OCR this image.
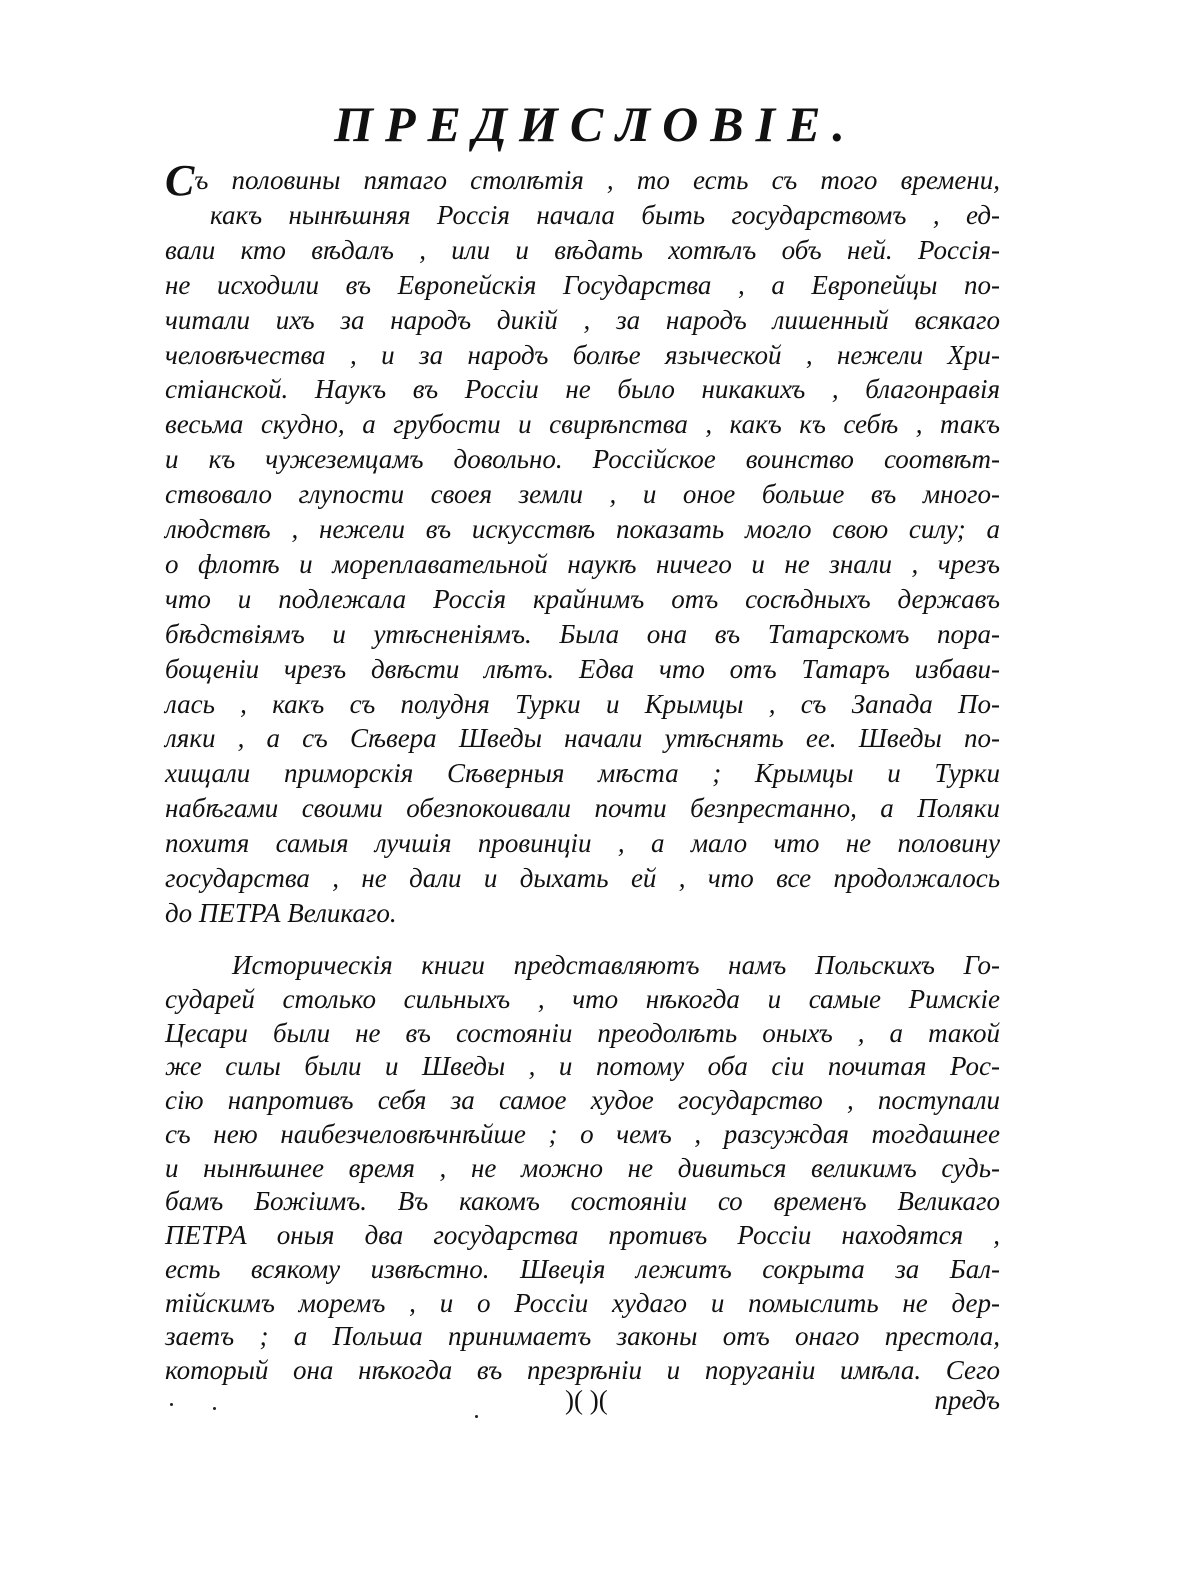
ПРЕДИСЛОВІЕ.
Съ половины пятаго столѣтія , то есть съ того времени,
какъ нынѣшняя Россія начала быть государствомъ , ед-
вали кто вѣдалъ , или и вѣдать хотѣлъ объ ней. Россія-
не исходили въ Европейскія Государства , а Европейцы по-
читали ихъ за народъ дикій , за народъ лишенный всякаго
человѣчества , и за народъ болѣе языческой , нежели Хри-
стіанской. Наукъ въ Россіи не было никакихъ , благонравія
весьма скудно, а грубости и свирѣпства , какъ къ себѣ , такъ
и къ чужеземцамъ довольно. Россійское воинство соотвѣт-
ствовало глупости своея земли , и оное больше въ много-
людствѣ , нежели въ искусствѣ показать могло свою силу; а
о флотѣ и мореплавательной наукѣ ничего и не знали , чрезъ
что и подлежала Россія крайнимъ отъ сосѣдныхъ державъ
бѣдствіямъ и утѣсненіямъ. Была она въ Татарскомъ пора-
бощеніи чрезъ двѣсти лѣтъ. Едва что отъ Татаръ избави-
лась , какъ съ полудня Турки и Крымцы , съ Запада По-
ляки , а съ Сѣвера Шведы начали утѣснять ее. Шведы по-
хищали приморскія Сѣверныя мѣста ; Крымцы и Турки
набѣгами своими обезпокоивали почти безпрестанно, а Поляки
похитя самыя лучшія провинціи , а мало что не половину
государства , не дали и дыхать ей , что все продолжалось
до ПЕТРА Великаго.
Историческія книги представляютъ намъ Польскихъ Го-
сударей столько сильныхъ , что нѣкогда и самые Римскіе
Цесари были не въ состояніи преодолѣть оныхъ , а такой
же силы были и Шведы , и потому оба сіи почитая Рос-
сію напротивъ себя за самое худое государство , поступали
съ нею наибезчеловѣчнѣйше ; о чемъ , разсуждая тогдашнее
и нынѣшнее время , не можно не дивиться великимъ судь-
бамъ Божіимъ. Въ какомъ состояніи со временъ Великаго
ПЕТРА оныя два государства противъ Россіи находятся ,
есть всякому извѣстно. Швеція лежитъ сокрыта за Бал-
тійскимъ моремъ , и о Россіи худаго и помыслить не дер-
заетъ ; а Польша принимаетъ законы отъ онаго престола,
который она нѣкогда въ презрѣніи и поруганіи имѣла. Сего
)( )(	предъ
